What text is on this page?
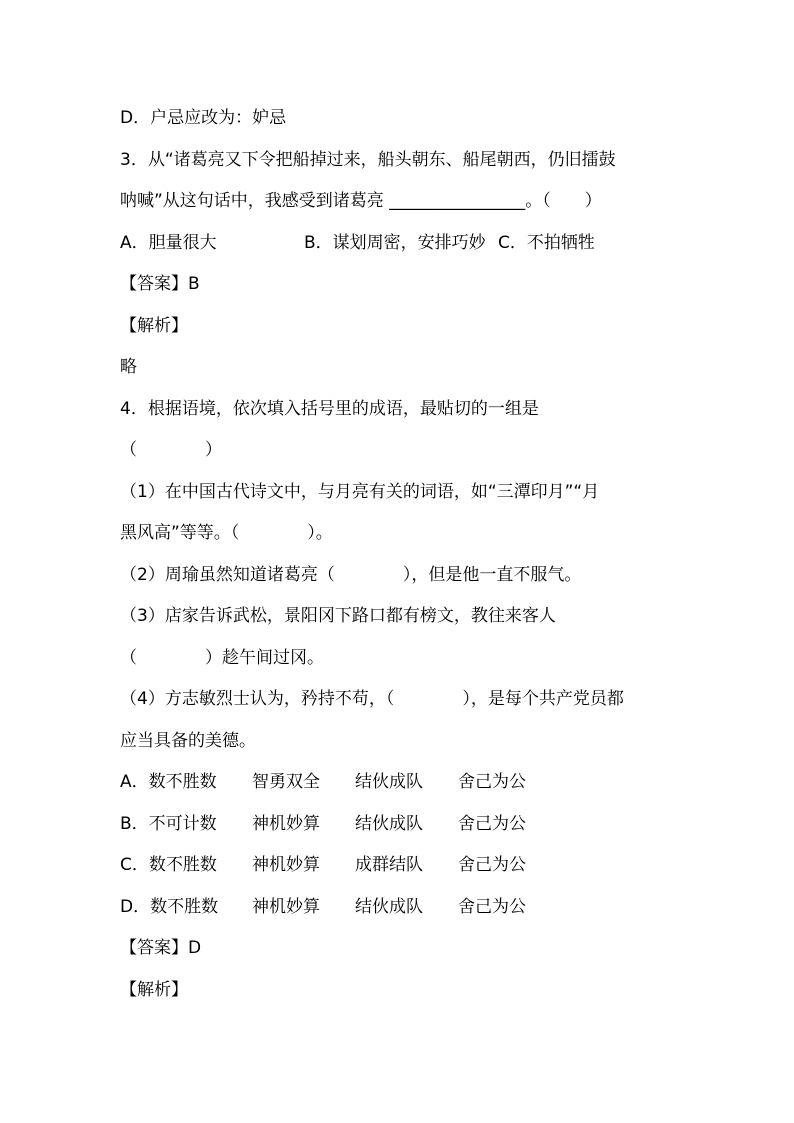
D．户忌应改为：妒忌
3．从“诸葛亮又下令把船掉过来，船头朝东、船尾朝西，仍旧擂鼓
呐喊”从这句话中，我感受到诸葛亮 ________________。（　　）
A．胆量很大	B．谋划周密，安排巧妙 C．不拍牺牲
【答案】B
【解析】
略
4．根据语境，依次填入括号里的成语，最贴切的一组是
（　　　　）
（1）在中国古代诗文中，与月亮有关的词语，如“三潭印月”“月
黑风高”等等。（　　　　）。
（2）周瑜虽然知道诸葛亮（　　　　），但是他一直不服气。
（3）店家告诉武松，景阳冈下路口都有榜文，教往来客人
（　　　　）趁午间过冈。
（4）方志敏烈士认为，矜持不苟，（　　　　），是每个共产党员都
应当具备的美德。
A．数不胜数 智勇双全 结伙成队 舍己为公
B．不可计数 神机妙算 结伙成队 舍己为公
C．数不胜数 神机妙算 成群结队 舍己为公
D．数不胜数 神机妙算 结伙成队 舍己为公
【答案】D
【解析】
